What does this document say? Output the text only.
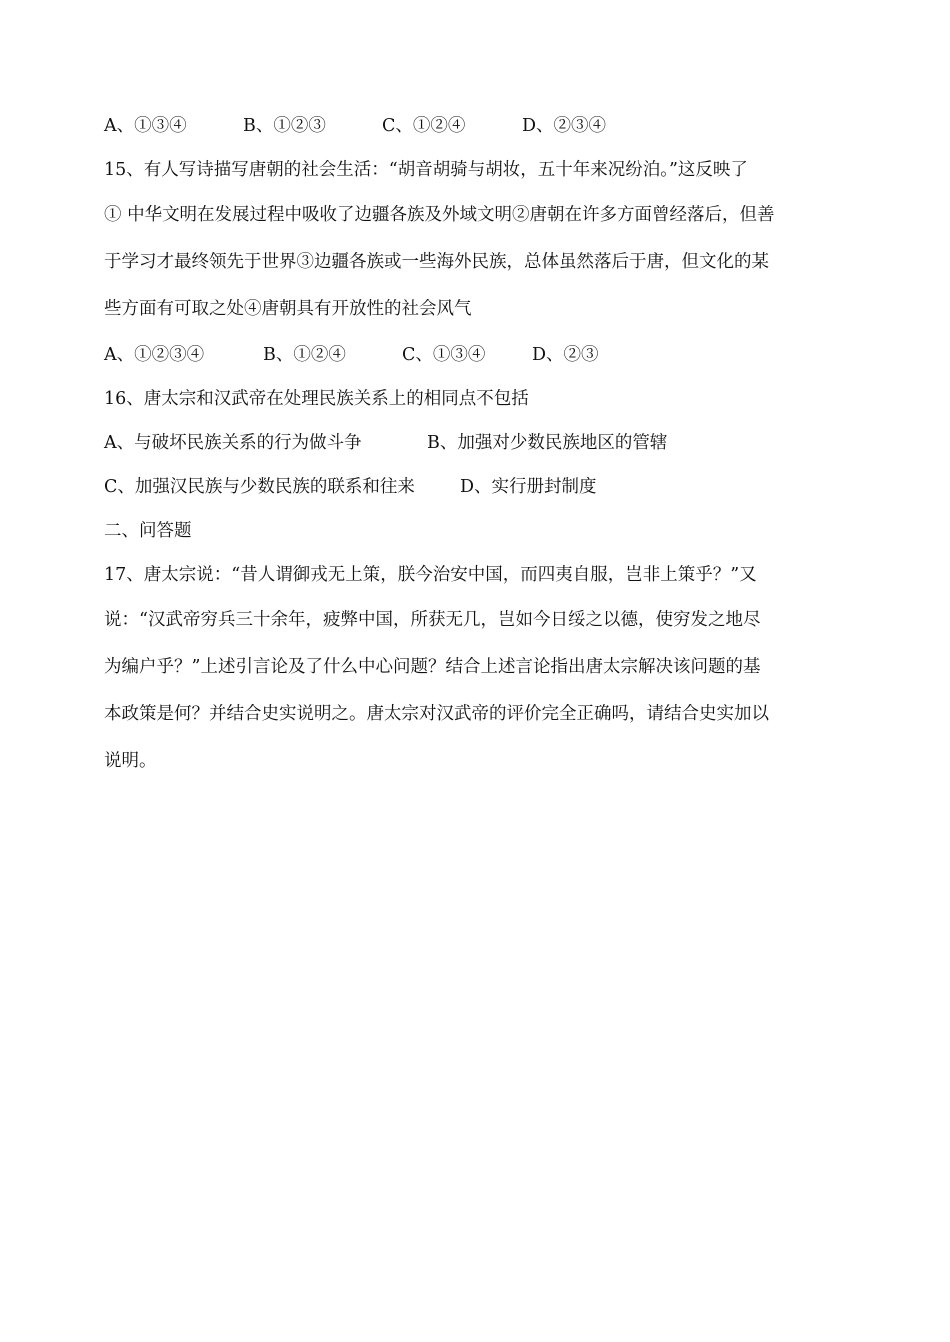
A、①③④	B、①②③	C、①②④	D、②③④
15、有人写诗描写唐朝的社会生活：“胡音胡骑与胡妆，五十年来况纷泊。”这反映了
① 中华文明在发展过程中吸收了边疆各族及外域文明②唐朝在许多方面曾经落后，但善
于学习才最终领先于世界③边疆各族或一些海外民族，总体虽然落后于唐，但文化的某
些方面有可取之处④唐朝具有开放性的社会风气
A、①②③④	B、①②④	C、①③④	D、②③
16、唐太宗和汉武帝在处理民族关系上的相同点不包括
A、与破坏民族关系的行为做斗争	B、加强对少数民族地区的管辖
C、加强汉民族与少数民族的联系和往来	D、实行册封制度
二、问答题
17、唐太宗说：“昔人谓御戎无上策，朕今治安中国，而四夷自服，岂非上策乎？”又
说：“汉武帝穷兵三十余年，疲弊中国，所获无几，岂如今日绥之以德，使穷发之地尽
为编户乎？”上述引言论及了什么中心问题？结合上述言论指出唐太宗解决该问题的基
本政策是何？并结合史实说明之。唐太宗对汉武帝的评价完全正确吗，请结合史实加以
说明。
